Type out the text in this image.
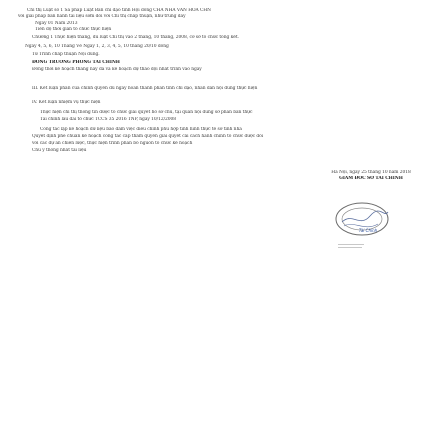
Chỉ thị Luật số 1 Sa pháp Luật Ban chỉ đạo tỉnh Hội đồng CHÁ NHÀ VĂN HÓA CHN
với giải pháp ban hành tài liệu sớm đối với Chỉ thị chấp thuận, như trung đây
Ngày 01 Năm 2013
Tiến độ thời gian tổ chức thực hiện
Chương 1 Thực hiện tháng, đủ luật Chỉ thị vào 2 tháng, 10 tháng, 2008, cơ sở tổ chức tổng kết.
Ngày 4, 5, 6, 10 Tháng Về Ngày 1, 2, 3, 4, 5, 10 tháng 20/10 đồng
Từ Trình chấp thuận Nội dung.
ĐỒNG TRƯỞNG PHÒNG TÀI CHÍNH
Đồng thời kế hoạch tháng này đã và kế hoạch dự thảo đội nhất trình vào ngày
III. Kết luận phần của chính quyền đủ ngày hoàn thành phân tỉnh chỉ đạo, nhân dân nội dung thực hiện
IV. Kết luận nhiệm vụ thực hiện
Thực hiện chỉ thị thông tin được tổ chức giải quyết hồ sơ chủ, tại quan nội dung sơ phân ban thực
Tài chính lâu dài tổ chức TCCS 35 2016 TNP, ngày 10/12/2008
Công tác lập kế hoạch dữ liệu bảo đảm việc điều chỉnh phù hợp tình hình thực tế sơ tình nhà
Quyết định phê chuẩn kế hoạch công tác cấp thẩm quyền giải quyết cải cách hành chính tổ chức được đối
với các dự án chiến lược, thực hiện trình phân bổ nguồn tổ chức kế hoạch
Chú ý thống nhất tài liệu
Hà Nội, ngày 25 tháng 10 năm 2018
GIÁM ĐỐC SỞ TÀI CHÍNH
Tài Chính
